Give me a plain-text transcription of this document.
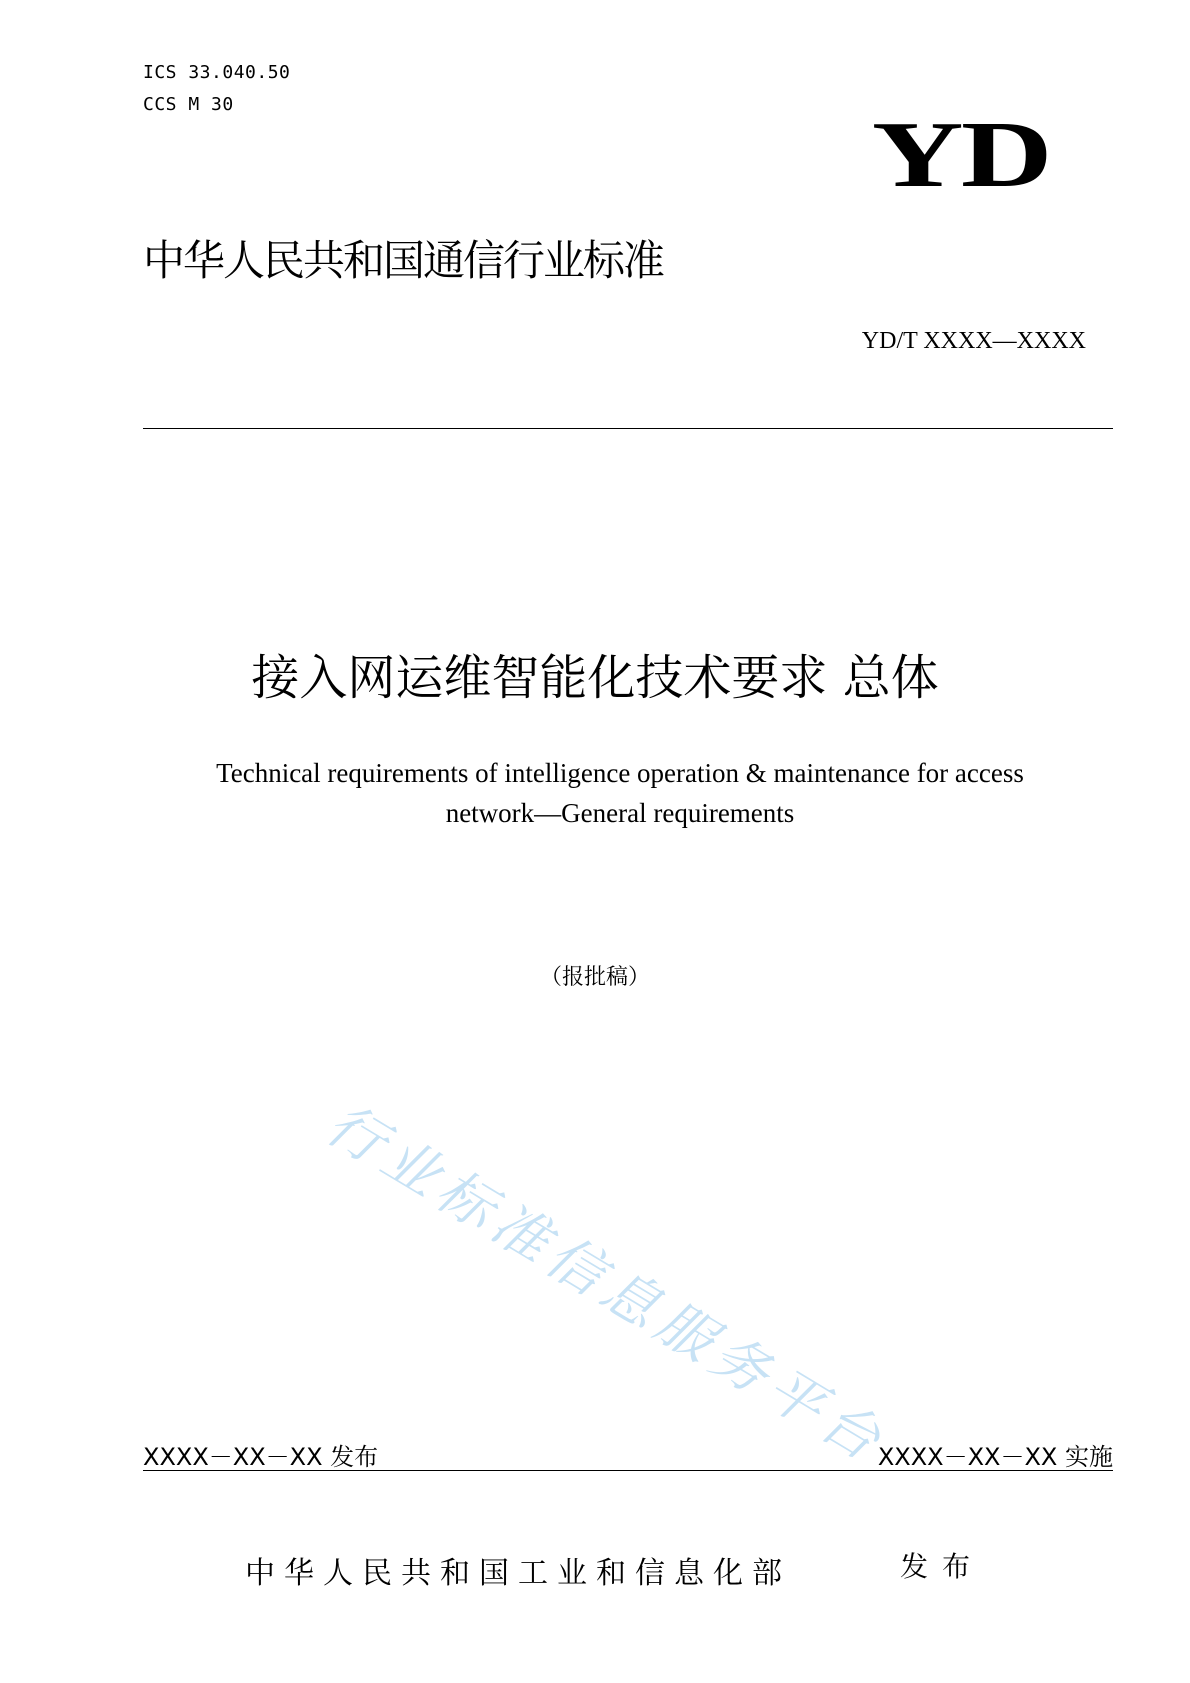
ICS 33.040.50
CCS M 30	YD
中华人民共和国通信行业标准
YD/T XXXX—XXXX
接入网运维智能化技术要求 总体
Technical requirements of intelligence operation & maintenance for access
network—General requirements
（报批稿）
行业标准信息服务平台
XXXX－XX－XX 发布	XXXX－XX－XX 实施
中华人民共和国工业和信息化部	发布
